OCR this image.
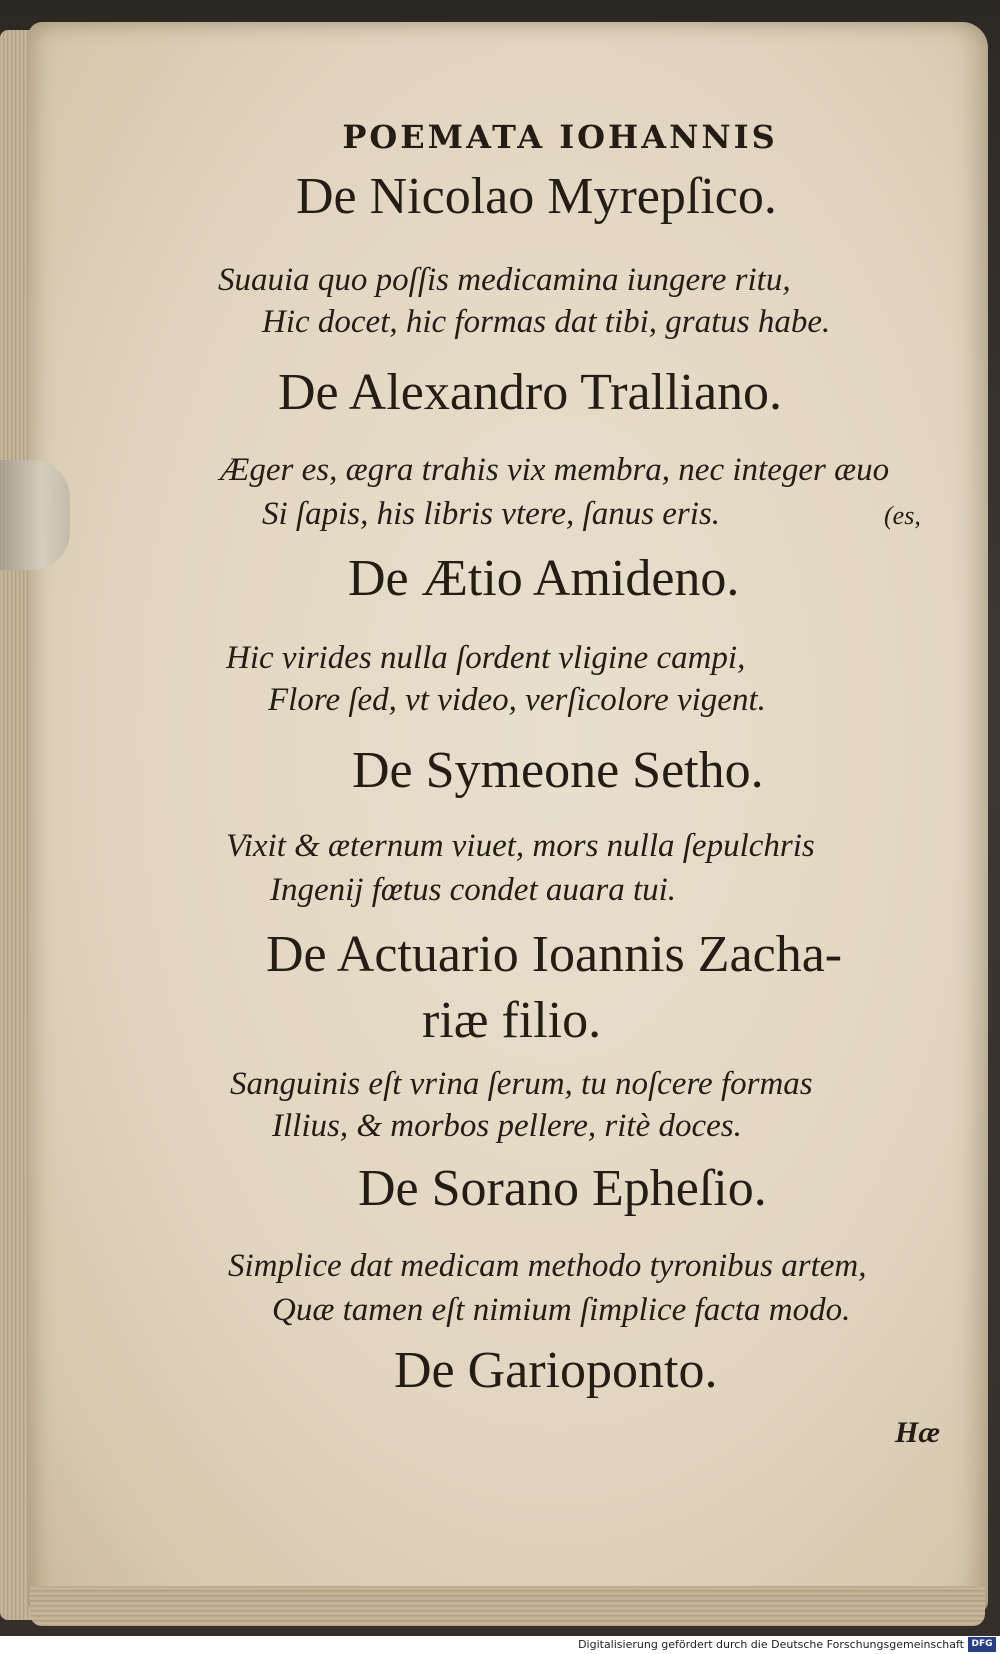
POEMATA IOHANNIS
De Nicolao Myrepſico.
Suauia quo poſſis medicamina iungere ritu,
Hic docet, hic formas dat tibi, gratus habe.
De Alexandro Tralliano.
Æger es, ægra trahis vix membra, nec integer æuo
Si ſapis, his libris vtere, ſanus eris.	(es,
De Ætio Amideno.
Hic virides nulla ſordent vligine campi,
Flore ſed, vt video, verſicolore vigent.
De Symeone Setho.
Vixit & æternum viuet, mors nulla ſepulchris
Ingenij fœtus condet auara tui.
De Actuario Ioannis Zacha-
riæ filio.
Sanguinis eſt vrina ſerum, tu noſcere formas
Illius, & morbos pellere, ritè doces.
De Sorano Epheſio.
Simplice dat medicam methodo tyronibus artem,
Quæ tamen eſt nimium ſimplice facta modo.
De Garioponto.
Hæ
Digitalisierung gefördert durch die Deutsche Forschungsgemeinschaft DFG
